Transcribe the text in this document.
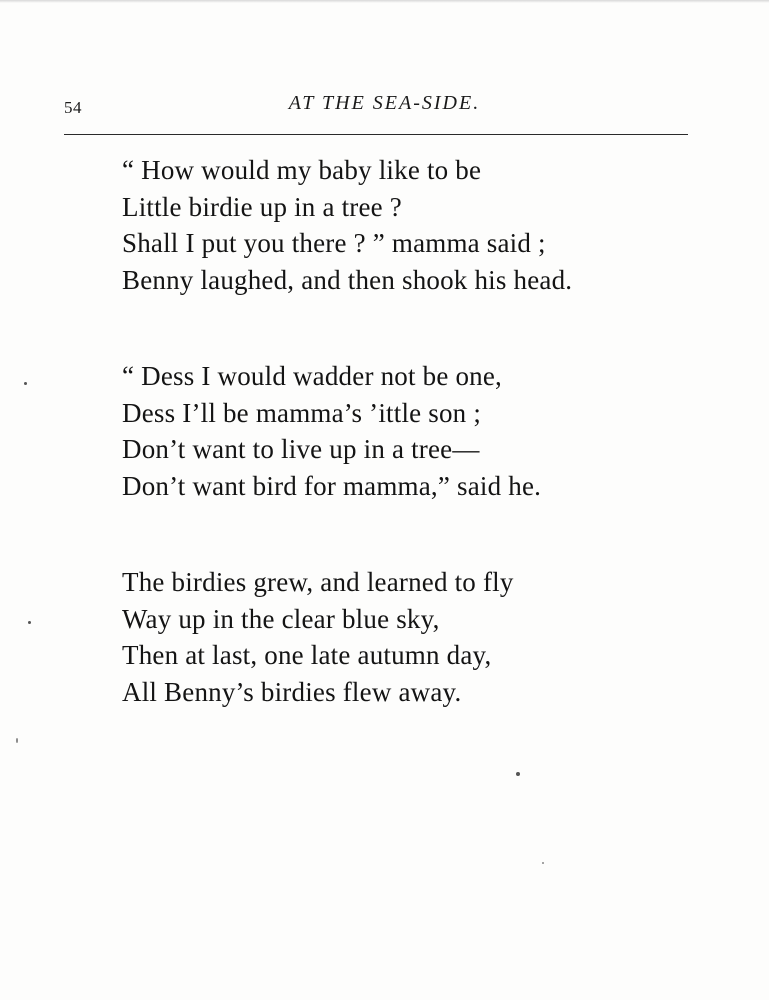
54	AT THE SEA-SIDE.
“ How would my baby like to be
Little birdie up in a tree ?
Shall I put you there ? ” mamma said ;
Benny laughed, and then shook his head.
“ Dess I would wadder not be one,
Dess I’ll be mamma’s ’ittle son ;
Don’t want to live up in a tree—
Don’t want bird for mamma,” said he.
The birdies grew, and learned to fly
Way up in the clear blue sky,
Then at last, one late autumn day,
All Benny’s birdies flew away.
